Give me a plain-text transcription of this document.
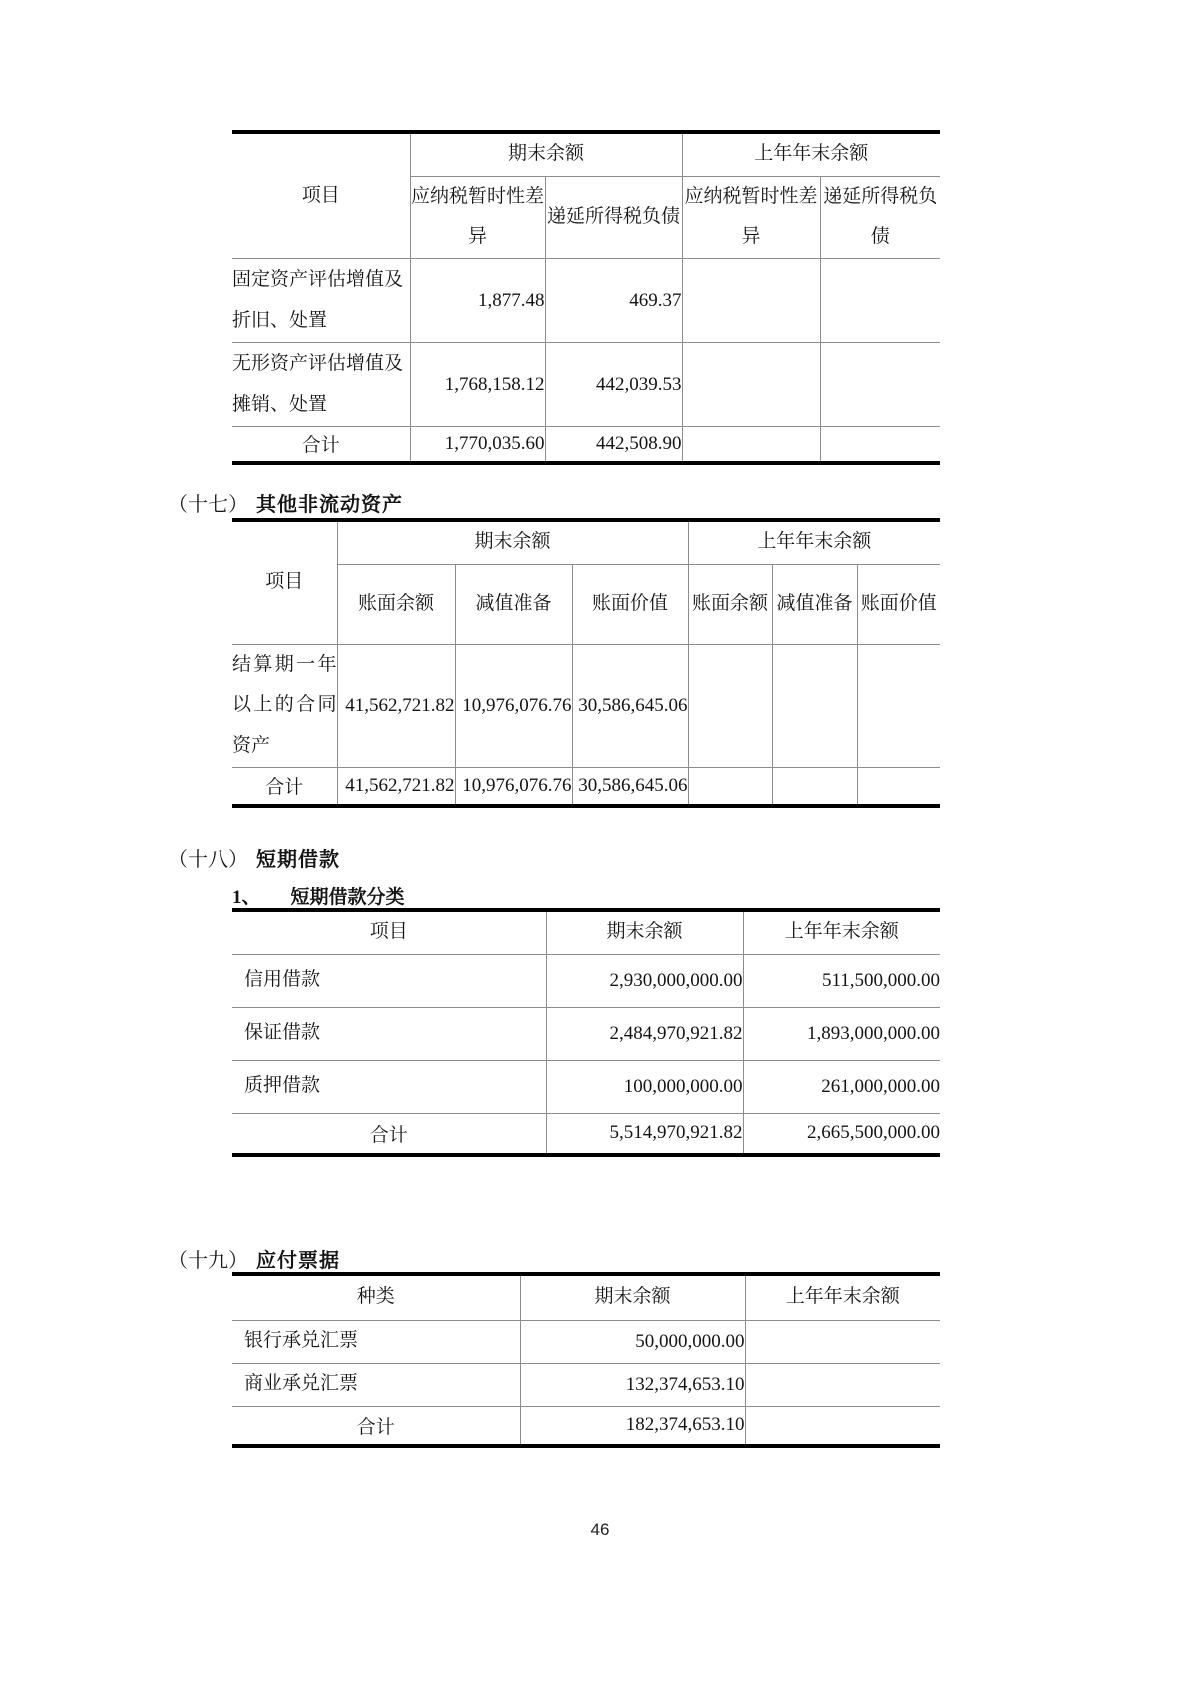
项目	期末余额		上年年末余额	
	应纳税暂时性差异	递延所得税负债	应纳税暂时性差异	递延所得税负债
固定资产评估增值及折旧、处置	1,877.48	469.37		
无形资产评估增值及摊销、处置	1,768,158.12	442,039.53		
合计	1,770,035.60	442,508.90		
（十七） 其他非流动资产
项目	期末余额			上年年末余额		
	账面余额	减值准备	账面价值	账面余额	减值准备	账面价值
结算期一年以上的合同资产	41,562,721.82	10,976,076.76	30,586,645.06			
合计	41,562,721.82	10,976,076.76	30,586,645.06			
（十八） 短期借款
1、 短期借款分类
项目	期末余额	上年年末余额
信用借款	2,930,000,000.00	511,500,000.00
保证借款	2,484,970,921.82	1,893,000,000.00
质押借款	100,000,000.00	261,000,000.00
合计	5,514,970,921.82	2,665,500,000.00
（十九） 应付票据
种类	期末余额	上年年末余额
银行承兑汇票	50,000,000.00	
商业承兑汇票	132,374,653.10	
合计	182,374,653.10	
46
